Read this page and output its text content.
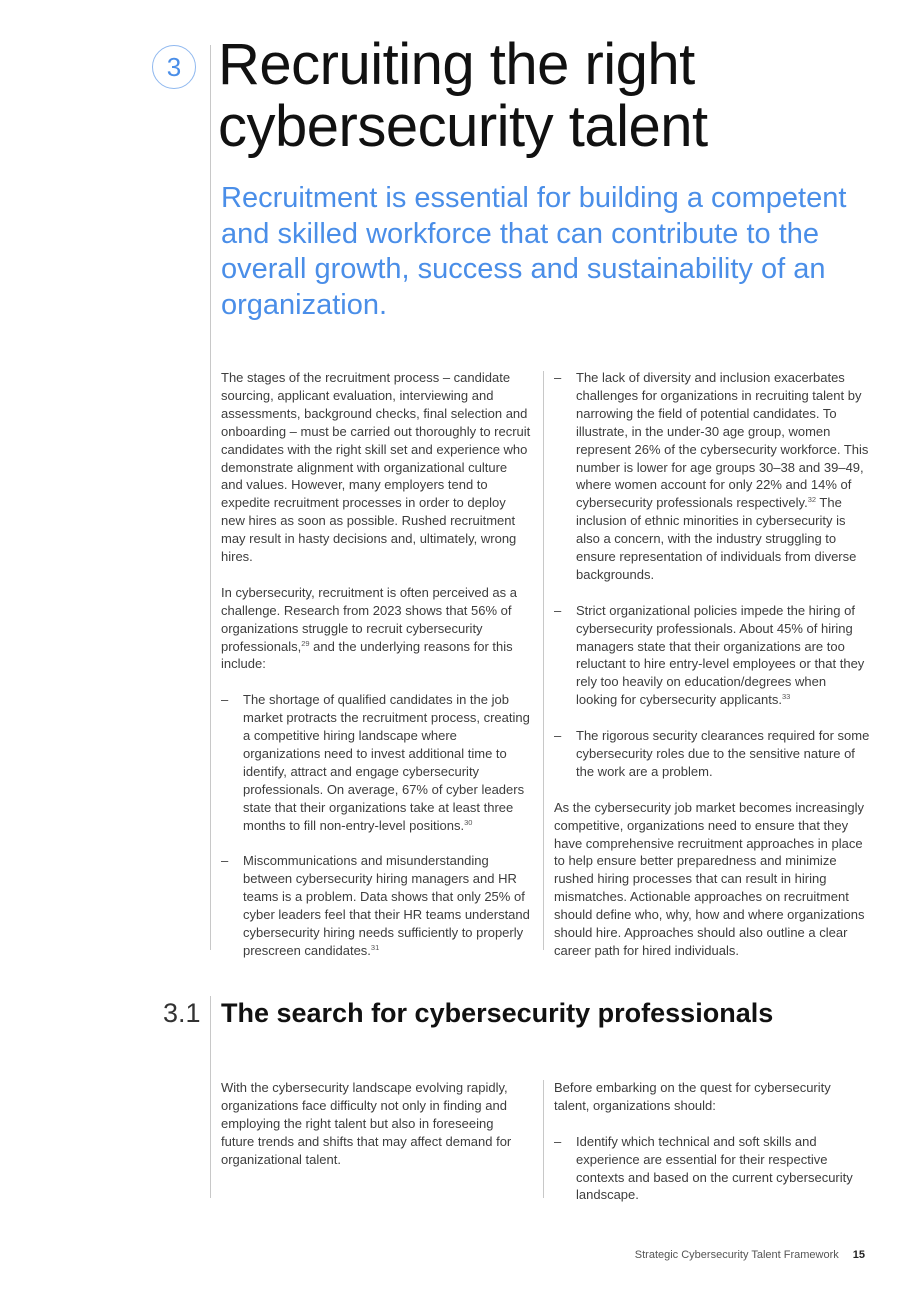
3 Recruiting the right
cybersecurity talent

Recruitment is essential for building a competent and skilled workforce that can contribute to the overall growth, success and sustainability of an organization.

The stages of the recruitment process – candidate sourcing, applicant evaluation, interviewing and assessments, background checks, final selection and onboarding – must be carried out thoroughly to recruit candidates with the right skill set and experience who demonstrate alignment with organizational culture and values. However, many employers tend to expedite recruitment processes in order to deploy new hires as soon as possible. Rushed recruitment may result in hasty decisions and, ultimately, wrong hires.

In cybersecurity, recruitment is often perceived as a challenge. Research from 2023 shows that 56% of organizations struggle to recruit cybersecurity professionals,$^{29}$ and the underlying reasons for this include:

– The shortage of qualified candidates in the job market protracts the recruitment process, creating a competitive hiring landscape where organizations need to invest additional time to identify, attract and engage cybersecurity professionals. On average, 67% of cyber leaders state that their organizations take at least three months to fill non-entry-level positions.$^{30}$
– Miscommunications and misunderstanding between cybersecurity hiring managers and HR teams is a problem. Data shows that only 25% of cyber leaders feel that their HR teams understand cybersecurity hiring needs sufficiently to properly prescreen candidates.$^{31}$
– The lack of diversity and inclusion exacerbates challenges for organizations in recruiting talent by narrowing the field of potential candidates. To illustrate, in the under-30 age group, women represent 26% of the cybersecurity workforce. This number is lower for age groups 30–38 and 39–49, where women account for only 22% and 14% of cybersecurity professionals respectively.$^{32}$ The inclusion of ethnic minorities in cybersecurity is also a concern, with the industry struggling to ensure representation of individuals from diverse backgrounds.
– Strict organizational policies impede the hiring of cybersecurity professionals. About 45% of hiring managers state that their organizations are too reluctant to hire entry-level employees or that they rely too heavily on education/degrees when looking for cybersecurity applicants.$^{33}$
– The rigorous security clearances required for some cybersecurity roles due to the sensitive nature of the work are a problem.

As the cybersecurity job market becomes increasingly competitive, organizations need to ensure that they have comprehensive recruitment approaches in place to help ensure better preparedness and minimize rushed hiring processes that can result in hiring mismatches. Actionable approaches on recruitment should define who, why, how and where organizations should hire. Approaches should also outline a clear career path for hired individuals.

3.1 The search for cybersecurity professionals

With the cybersecurity landscape evolving rapidly, organizations face difficulty not only in finding and employing the right talent but also in foreseeing future trends and shifts that may affect demand for organizational talent.

Before embarking on the quest for cybersecurity talent, organizations should:

– Identify which technical and soft skills and experience are essential for their respective contexts and based on the current cybersecurity landscape.
Strategic Cybersecurity Talent Framework 15
